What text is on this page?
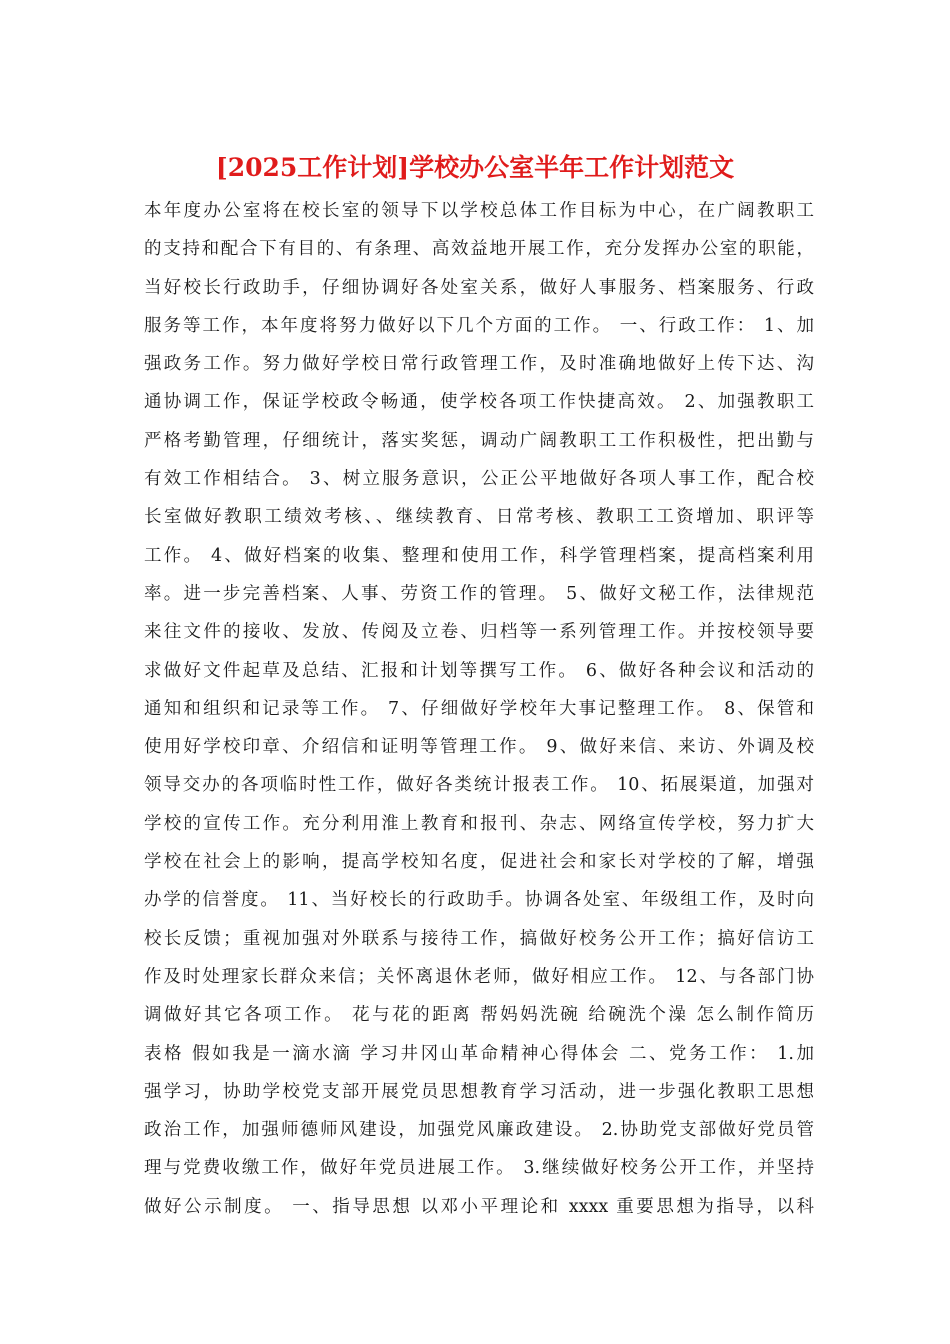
[2025工作计划]学校办公室半年工作计划范文
本年度办公室将在校长室的领导下以学校总体工作目标为中心，在广阔教职工
的支持和配合下有目的、有条理、高效益地开展工作，充分发挥办公室的职能，
当好校长行政助手，仔细协调好各处室关系，做好人事服务、档案服务、行政
服务等工作，本年度将努力做好以下几个方面的工作。 一、行政工作： 1、加
强政务工作。努力做好学校日常行政管理工作，及时准确地做好上传下达、沟
通协调工作，保证学校政令畅通，使学校各项工作快捷高效。 2、加强教职工
严格考勤管理，仔细统计，落实奖惩，调动广阔教职工工作积极性，把出勤与
有效工作相结合。 3、树立服务意识，公正公平地做好各项人事工作，配合校
长室做好教职工绩效考核、、继续教育、日常考核、教职工工资增加、职评等
工作。 4、做好档案的收集、整理和使用工作，科学管理档案，提高档案利用
率。进一步完善档案、人事、劳资工作的管理。 5、做好文秘工作，法律规范
来往文件的接收、发放、传阅及立卷、归档等一系列管理工作。并按校领导要
求做好文件起草及总结、汇报和计划等撰写工作。 6、做好各种会议和活动的
通知和组织和记录等工作。 7、仔细做好学校年大事记整理工作。 8、保管和
使用好学校印章、介绍信和证明等管理工作。 9、做好来信、来访、外调及校
领导交办的各项临时性工作，做好各类统计报表工作。 10、拓展渠道，加强对
学校的宣传工作。充分利用淮上教育和报刊、杂志、网络宣传学校，努力扩大
学校在社会上的影响，提高学校知名度，促进社会和家长对学校的了解，增强
办学的信誉度。 11、当好校长的行政助手。协调各处室、年级组工作，及时向
校长反馈；重视加强对外联系与接待工作，搞做好校务公开工作；搞好信访工
作及时处理家长群众来信；关怀离退休老师，做好相应工作。 12、与各部门协
调做好其它各项工作。 花与花的距离 帮妈妈洗碗 给碗洗个澡 怎么制作简历
表格 假如我是一滴水滴 学习井冈山革命精神心得体会 二、党务工作： 1.加
强学习，协助学校党支部开展党员思想教育学习活动，进一步强化教职工思想
政治工作，加强师德师风建设，加强党风廉政建设。 2.协助党支部做好党员管
理与党费收缴工作，做好年党员进展工作。 3.继续做好校务公开工作，并坚持
做好公示制度。 一、指导思想 以邓小平理论和 xxxx 重要思想为指导，以科
